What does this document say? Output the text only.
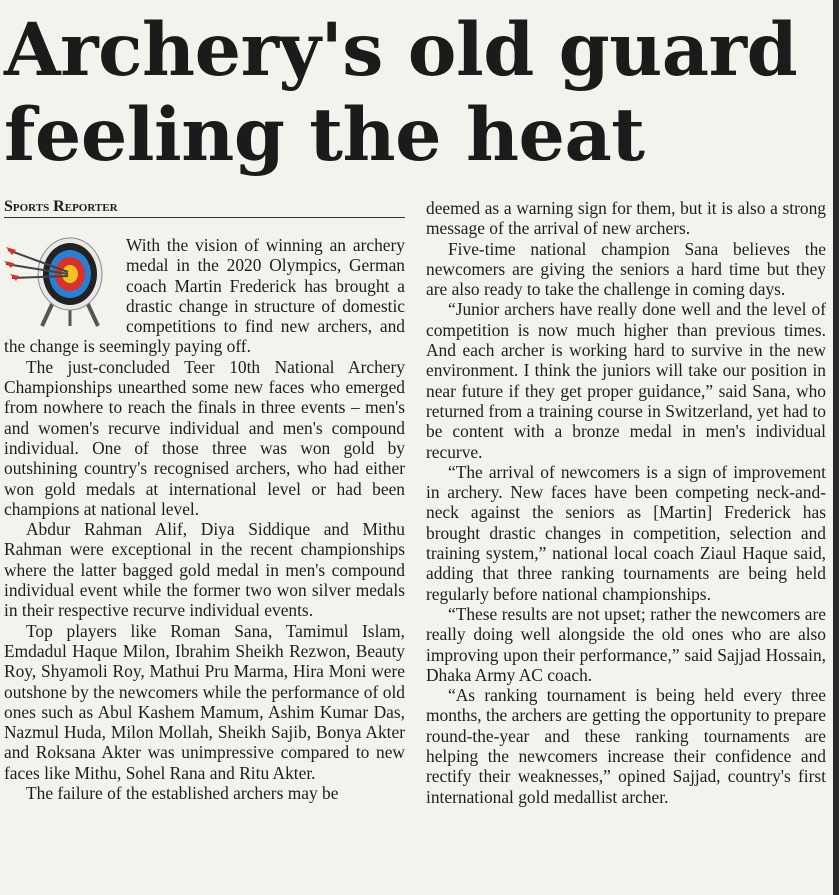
Archery's old guard
feeling the heat
Sports Reporter

With the vision of winning an archery medal in the 2020 Olympics, German coach Martin Frederick has brought a drastic change in structure of domestic competitions to find new archers, and the change is seemingly paying off.

The just-concluded Teer 10th National Archery Championships unearthed some new faces who emerged from nowhere to reach the finals in three events – men's and women's recurve individual and men's compound individual. One of those three was won gold by outshining country's recognised archers, who had either won gold medals at international level or had been champions at national level.

Abdur Rahman Alif, Diya Siddique and Mithu Rahman were exceptional in the recent championships where the latter bagged gold medal in men's compound individual event while the former two won silver medals in their respective recurve individual events.

Top players like Roman Sana, Tamimul Islam, Emdadul Haque Milon, Ibrahim Sheikh Rezwon, Beauty Roy, Shyamoli Roy, Mathui Pru Marma, Hira Moni were outshone by the newcomers while the performance of old ones such as Abul Kashem Mamum, Ashim Kumar Das, Nazmul Huda, Milon Mollah, Sheikh Sajib, Bonya Akter and Roksana Akter was unimpressive compared to new faces like Mithu, Sohel Rana and Ritu Akter.

The failure of the established archers may be

deemed as a warning sign for them, but it is also a strong message of the arrival of new archers.

Five-time national champion Sana believes the newcomers are giving the seniors a hard time but they are also ready to take the challenge in coming days.

“Junior archers have really done well and the level of competition is now much higher than previous times. And each archer is working hard to survive in the new environment. I think the juniors will take our position in near future if they get proper guidance,” said Sana, who returned from a training course in Switzerland, yet had to be content with a bronze medal in men's individual recurve.

“The arrival of newcomers is a sign of improvement in archery. New faces have been competing neck-and-neck against the seniors as [Martin] Frederick has brought drastic changes in competition, selection and training system,” national local coach Ziaul Haque said, adding that three ranking tournaments are being held regularly before national championships.

“These results are not upset; rather the newcomers are really doing well alongside the old ones who are also improving upon their performance,” said Sajjad Hossain, Dhaka Army AC coach.

“As ranking tournament is being held every three months, the archers are getting the opportunity to prepare round-the-year and these ranking tournaments are helping the newcomers increase their confidence and rectify their weaknesses,” opined Sajjad, country's first international gold medallist archer.
